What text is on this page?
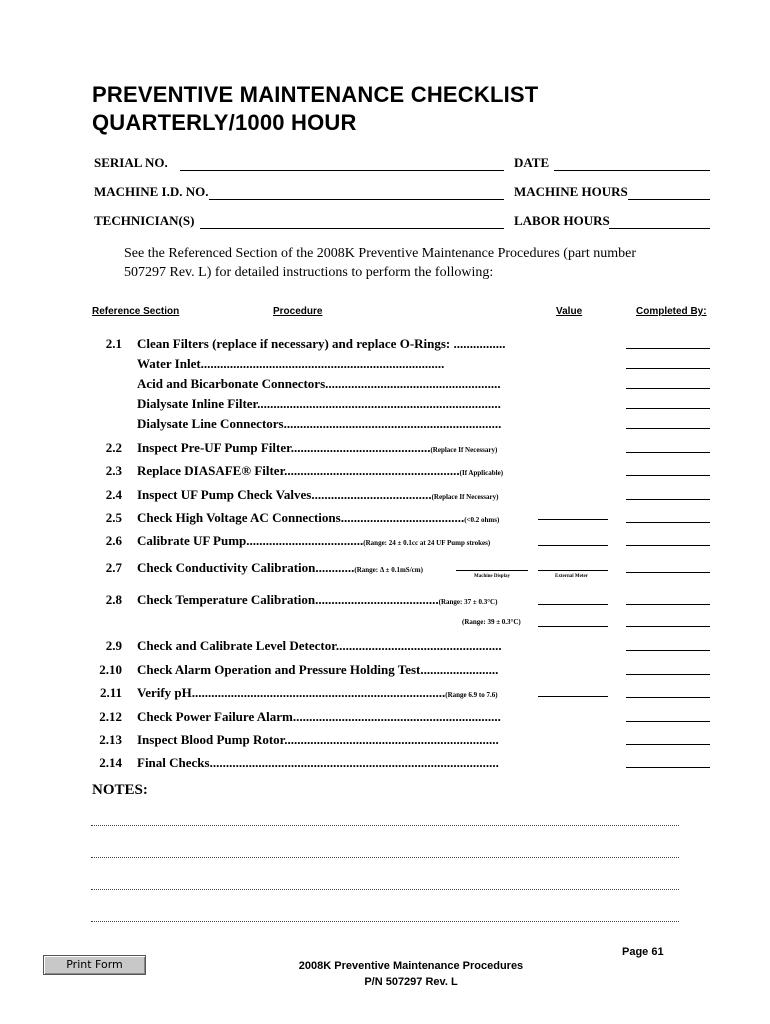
PREVENTIVE MAINTENANCE CHECKLIST
QUARTERLY/1000 HOUR
SERIAL NO.	DATE
MACHINE I.D. NO.	MACHINE HOURS
TECHNICIAN(S)	LABOR HOURS
See the Referenced Section of the 2008K Preventive Maintenance Procedures (part number
507297 Rev. L) for detailed instructions to perform the following:
Reference Section	Procedure	Value	Completed By:
2.1 Clean Filters (replace if necessary) and replace O-Rings: ................
Water Inlet...........................................................................
Acid and Bicarbonate Connectors......................................................
Dialysate Inline Filter...........................................................................
Dialysate Line Connectors...................................................................
2.2 Inspect Pre-UF Pump Filter...........................................(Replace If Necessary)
2.3 Replace DIASAFE® Filter......................................................(If Applicable)
2.4 Inspect UF Pump Check Valves.....................................(Replace If Necessary)
2.5 Check High Voltage AC Connections......................................(<0.2 ohms)
2.6 Calibrate UF Pump....................................(Range: 24 ± 0.1cc at 24 UF Pump strokes)
2.7 Check Conductivity Calibration............(Range: Δ ± 0.1mS/cm)
Machine Display	External Meter
2.8 Check Temperature Calibration......................................(Range: 37 ± 0.3°C)
(Range: 39 ± 0.3°C)
2.9 Check and Calibrate Level Detector...................................................
2.10 Check Alarm Operation and Pressure Holding Test........................
2.11 Verify pH..............................................................................(Range 6.9 to 7.6)
2.12 Check Power Failure Alarm................................................................
2.13 Inspect Blood Pump Rotor..................................................................
2.14 Final Checks.........................................................................................
NOTES:
Print Form
Page 61
2008K Preventive Maintenance Procedures
P/N 507297 Rev. L
